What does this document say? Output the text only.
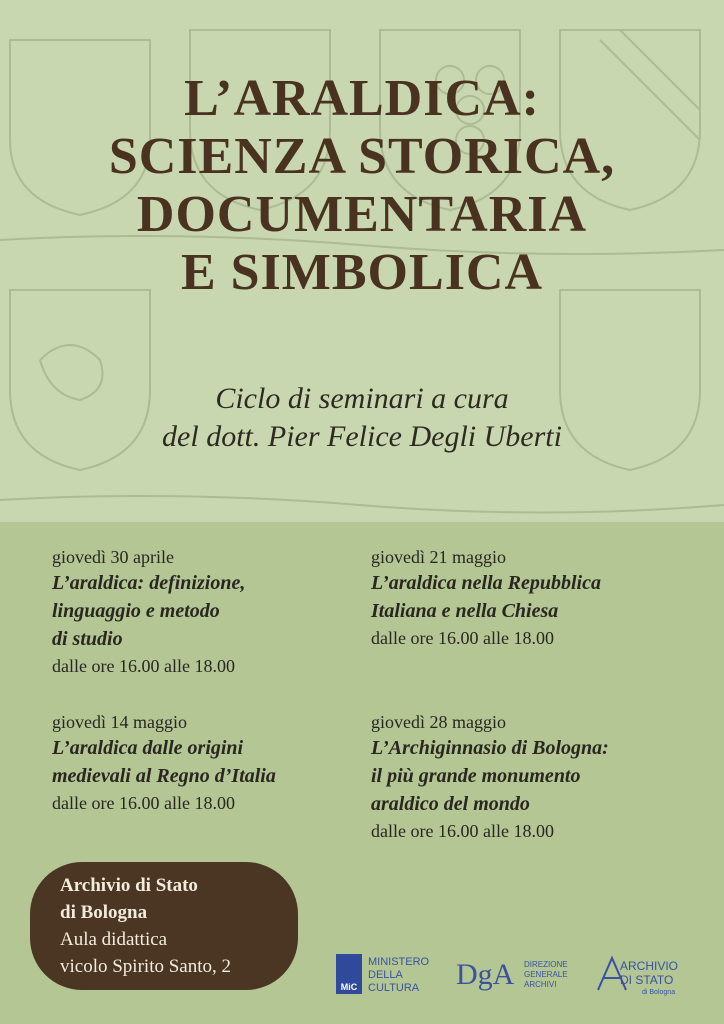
L’ARALDICA:
SCIENZA STORICA,
DOCUMENTARIA
E SIMBOLICA
Ciclo di seminari a cura
del dott. Pier Felice Degli Uberti
giovedì 30 aprile
L’araldica: definizione,
linguaggio e metodo
di studio
dalle ore 16.00 alle 18.00
giovedì 21 maggio
L’araldica nella Repubblica
Italiana e nella Chiesa
dalle ore 16.00 alle 18.00
giovedì 14 maggio
L’araldica dalle origini
medievali al Regno d’Italia
dalle ore 16.00 alle 18.00
giovedì 28 maggio
L’Archiginnasio di Bologna:
il più grande monumento
araldico del mondo
dalle ore 16.00 alle 18.00
Archivio di Stato
di Bologna
Aula didattica
vicolo Spirito Santo, 2
MiC
MINISTERO
DELLA
CULTURA DgA DIREZIONE
GENERALE
ARCHIVI
ARCHIVIO
DI STATO
di Bologna
